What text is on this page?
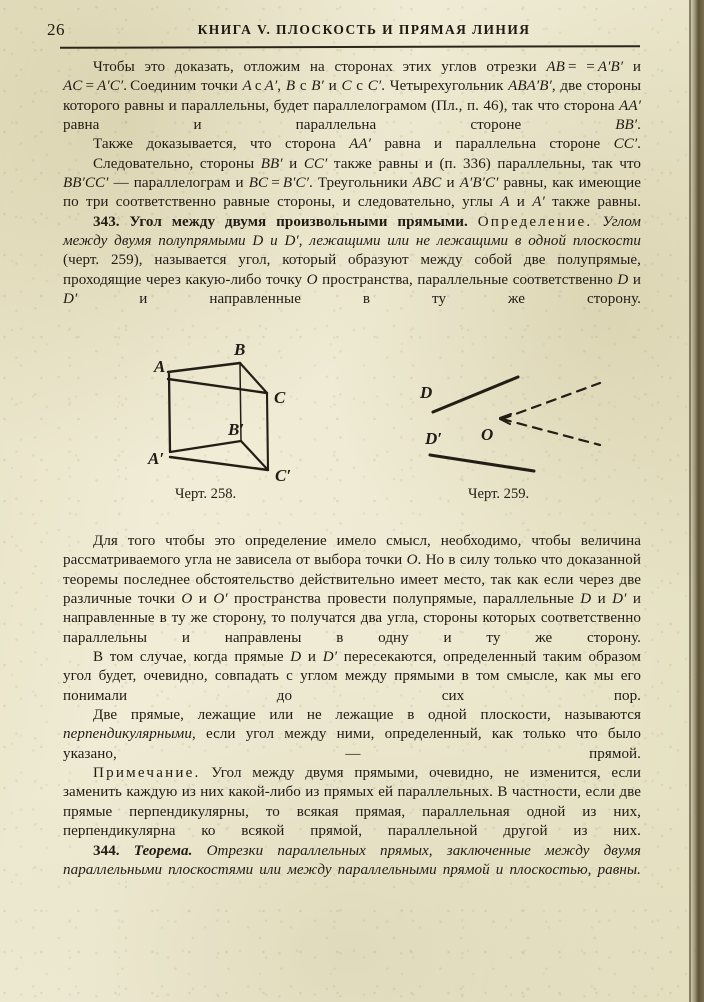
26	КНИГА V. ПЛОСКОСТЬ И ПРЯМАЯ ЛИНИЯ

Чтобы это доказать, отложим на сторонах этих углов отрезки AB = = A′B′ и AC = A′C′. Соединим точки A с A′, B с B′ и C с C′. Четырехугольник ABA′B′, две стороны которого равны и параллельны, будет параллелограмом (Пл., п. 46), так что сторона AA′ равна и параллельна стороне BB′.

Также доказывается, что сторона AA′ равна и параллельна стороне CC′.

Следовательно, стороны BB′ и CC′ также равны и (п. 336) параллельны, так что BB′CC′ — параллелограм и BC = B′C′. Треугольники ABC и A′B′C′ равны, как имеющие по три соответственно равные стороны, и следовательно, углы A и A′ также равны.

343. Угол между двумя произвольными прямыми. Определение. Углом между двумя полупрямыми D и D′, лежащими или не лежащими в одной плоскости (черт. 259), называется угол, который образуют между собой две полупрямые, проходящие через какую-либо точку O пространства, параллельные соответственно D и D′ и направленные в ту же сторону.

A
B
C
A′
B′
C′
D
O
D′
Черт. 258.	Черт. 259.

Для того чтобы это определение имело смысл, необходимо, чтобы величина рассматриваемого угла не зависела от выбора точки O. Но в силу только что доказанной теоремы последнее обстоятельство действительно имеет место, так как если через две различные точки O и O′ пространства провести полупрямые, параллельные D и D′ и направленные в ту же сторону, то получатся два угла, стороны которых соответственно параллельны и направлены в одну и ту же сторону.

В том случае, когда прямые D и D′ пересекаются, определенный таким образом угол будет, очевидно, совпадать с углом между прямыми в том смысле, как мы его понимали до сих пор.

Две прямые, лежащие или не лежащие в одной плоскости, называются перпендикулярными, если угол между ними, определенный, как только что было указано, — прямой.

Примечание. Угол между двумя прямыми, очевидно, не изменится, если заменить каждую из них какой-либо из прямых ей параллельных. В частности, если две прямые перпендикулярны, то всякая прямая, параллельная одной из них, перпендикулярна ко всякой прямой, параллельной другой из них.

344. Теорема. Отрезки параллельных прямых, заключенные между двумя параллельными плоскостями или между параллельными прямой и плоскостью, равны.
